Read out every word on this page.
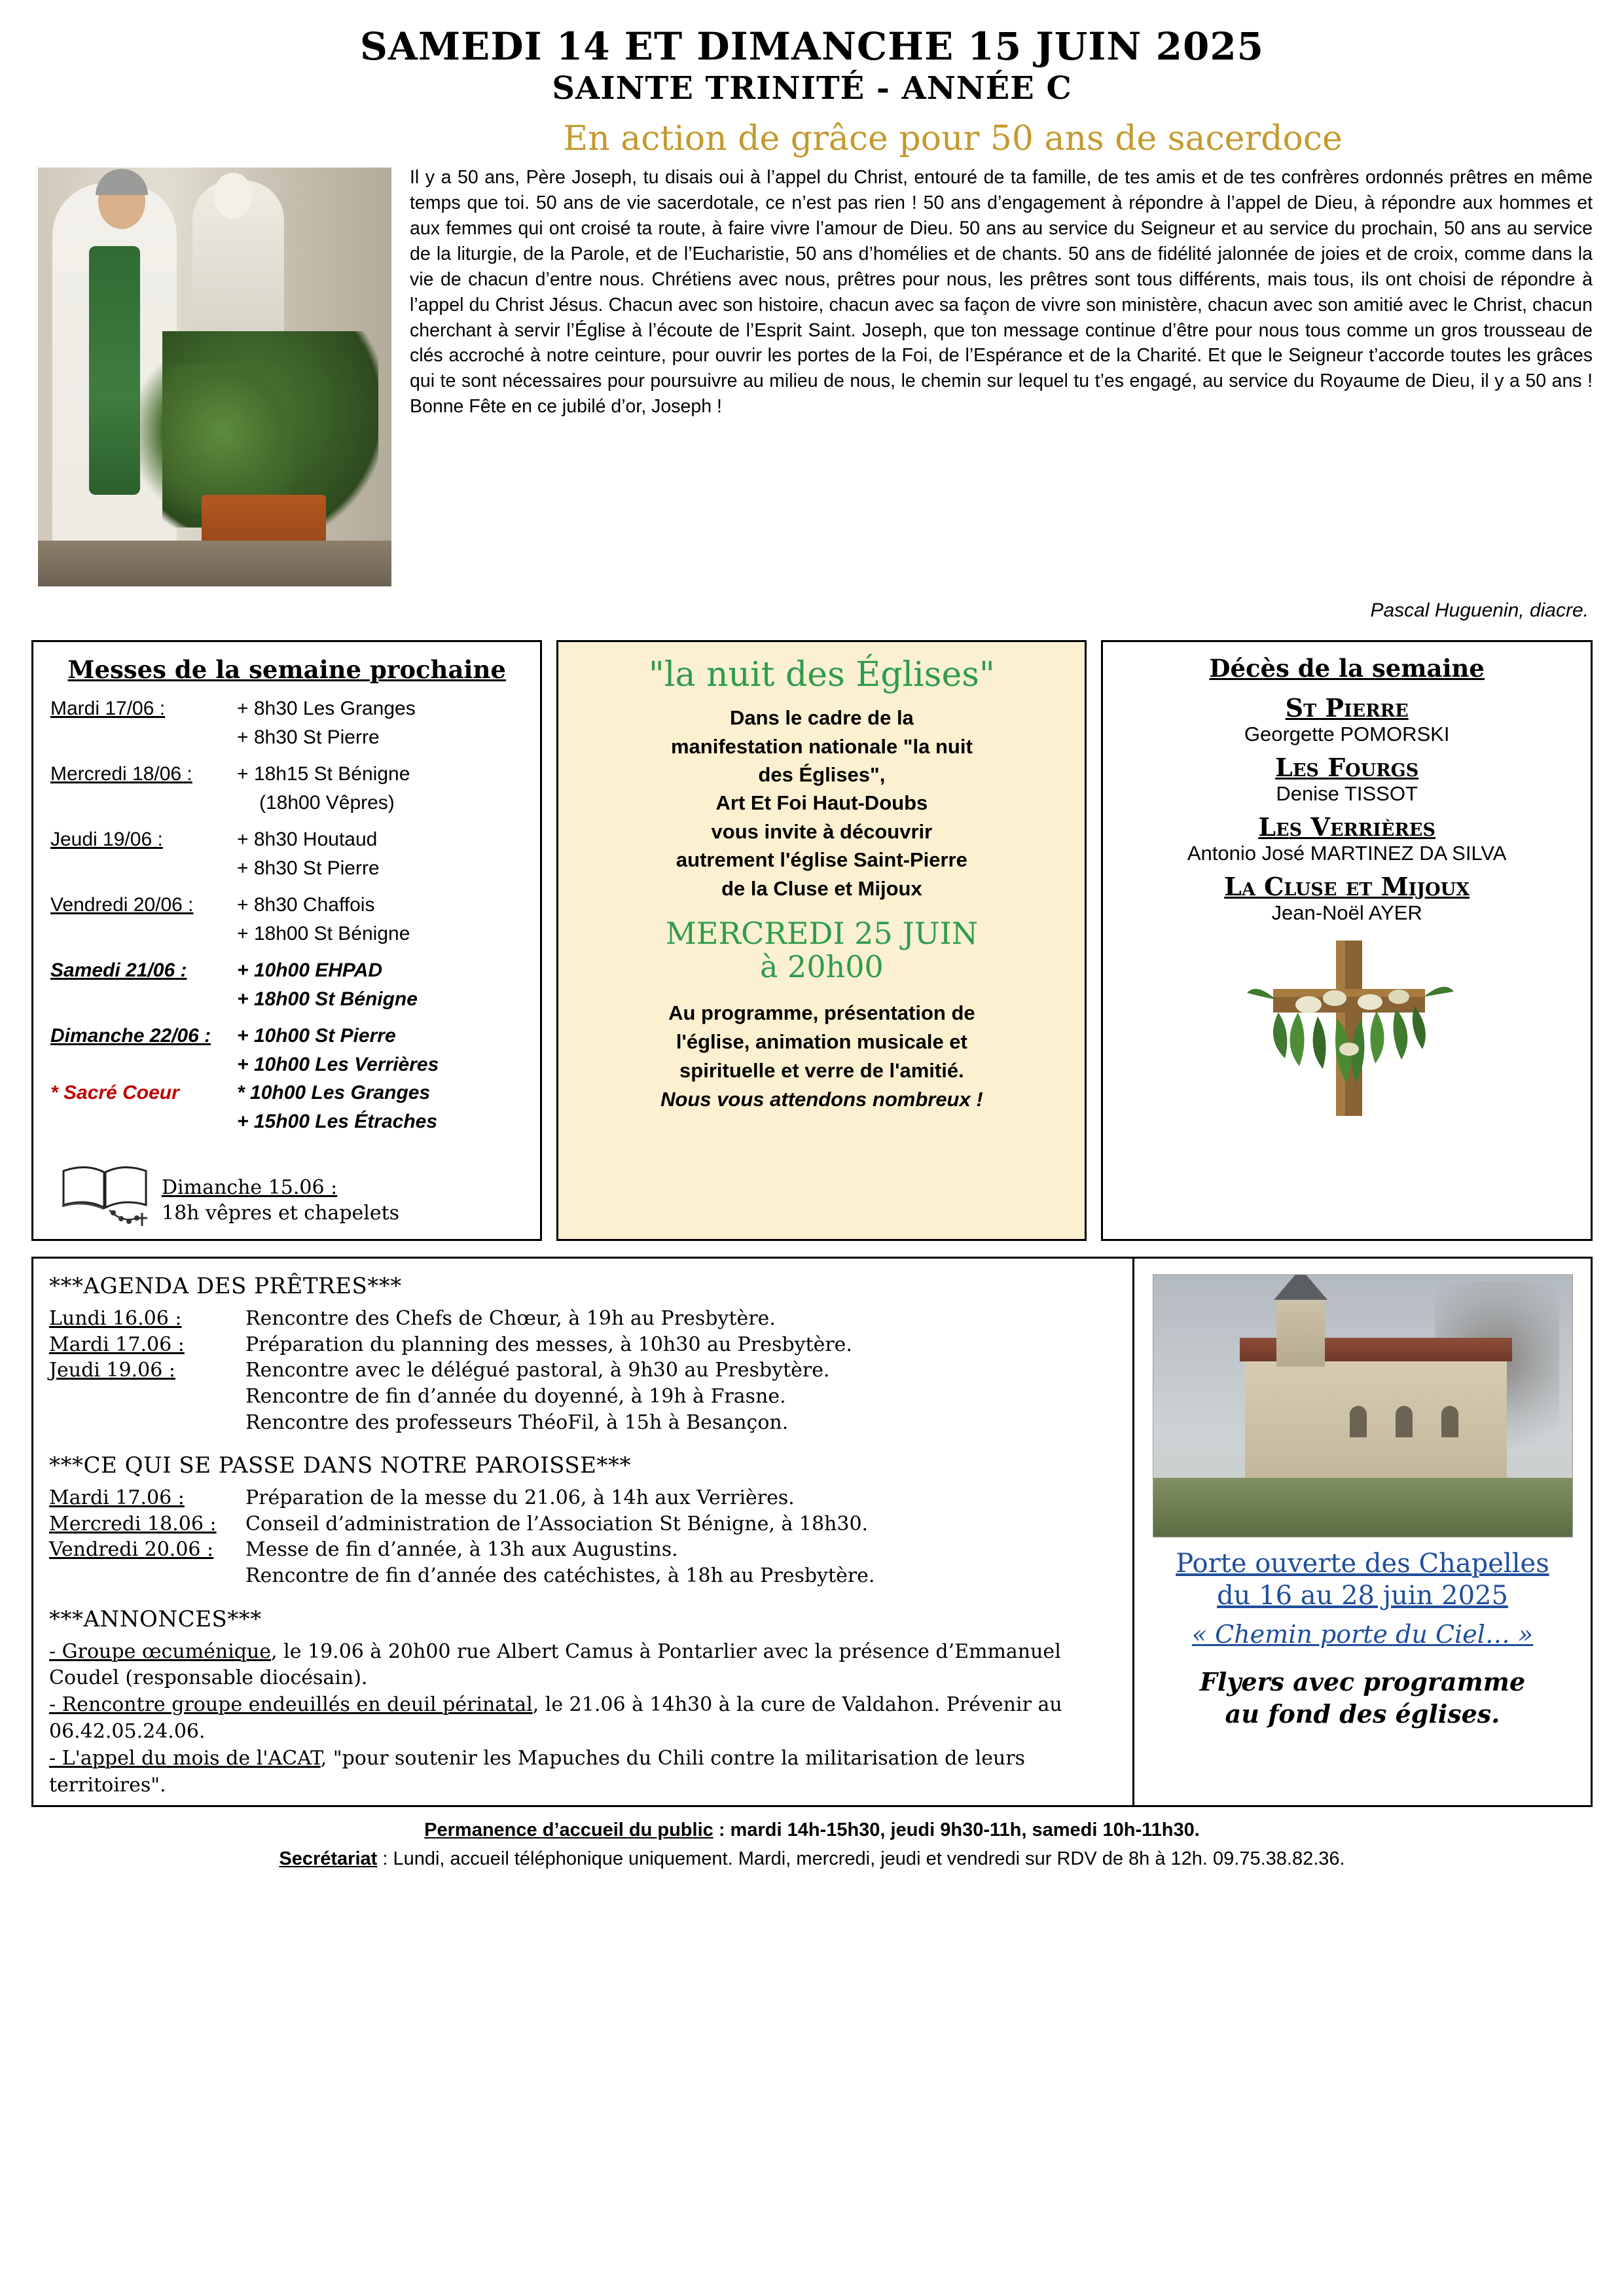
SAMEDI 14 ET DIMANCHE 15 JUIN 2025
SAINTE TRINITÉ - ANNÉE C
En action de grâce pour 50 ans de sacerdoce
Il y a 50 ans, Père Joseph, tu disais oui à l’appel du Christ, entouré de ta famille, de tes amis et de tes confrères ordonnés prêtres en même temps que toi. 50 ans de vie sacerdotale, ce n’est pas rien ! 50 ans d’engagement à répondre à l’appel de Dieu, à répondre aux hommes et aux femmes qui ont croisé ta route, à faire vivre l’amour de Dieu. 50 ans au service du Seigneur et au service du prochain, 50 ans au service de la liturgie, de la Parole, et de l’Eucharistie, 50 ans d’homélies et de chants. 50 ans de fidélité jalonnée de joies et de croix, comme dans la vie de chacun d’entre nous. Chrétiens avec nous, prêtres pour nous, les prêtres sont tous différents, mais tous, ils ont choisi de répondre à l’appel du Christ Jésus. Chacun avec son histoire, chacun avec sa façon de vivre son ministère, chacun avec son amitié avec le Christ, chacun cherchant à servir l’Église à l’écoute de l’Esprit Saint. Joseph, que ton message continue d’être pour nous tous comme un gros trousseau de clés accroché à notre ceinture, pour ouvrir les portes de la Foi, de l’Espérance et de la Charité. Et que le Seigneur t’accorde toutes les grâces qui te sont nécessaires pour poursuivre au milieu de nous, le chemin sur lequel tu t’es engagé, au service du Royaume de Dieu, il y a 50 ans ! Bonne Fête en ce jubilé d’or, Joseph !
Pascal Huguenin, diacre.
Messes de la semaine prochaine
Mardi 17/06 :	+ 8h30 Les Granges
+ 8h30 St Pierre
Mercredi 18/06 :	+ 18h15 St Bénigne
(18h00 Vêpres)
Jeudi 19/06 :	+ 8h30 Houtaud
+ 8h30 St Pierre
Vendredi 20/06 :	+ 8h30 Chaffois
+ 18h00 St Bénigne
Samedi 21/06 :	+ 10h00 EHPAD
+ 18h00 St Bénigne
Dimanche 22/06 :	+ 10h00 St Pierre
+ 10h00 Les Verrières
* Sacré Coeur	* 10h00 Les Granges
+ 15h00 Les Étraches
Dimanche 15.06 :
18h vêpres et chapelets
"la nuit des Églises"
Dans le cadre de la
manifestation nationale "la nuit
des Églises",
Art Et Foi Haut-Doubs
vous invite à découvrir
autrement l'église Saint-Pierre
de la Cluse et Mijoux
MERCREDI 25 JUIN
à 20h00
Au programme, présentation de
l'église, animation musicale et
spirituelle et verre de l'amitié.
Nous vous attendons nombreux !
Décès de la semaine
St Pierre
Georgette POMORSKI
Les Fourgs
Denise TISSOT
Les Verrières
Antonio José MARTINEZ DA SILVA
La Cluse et Mijoux
Jean-Noël AYER
***AGENDA DES PRÊTRES***
Lundi 16.06 :	Rencontre des Chefs de Chœur, à 19h au Presbytère.
Mardi 17.06 :	Préparation du planning des messes, à 10h30 au Presbytère.
Jeudi 19.06 :	Rencontre avec le délégué pastoral, à 9h30 au Presbytère.
Rencontre de fin d’année du doyenné, à 19h à Frasne.
Rencontre des professeurs ThéoFil, à 15h à Besançon.
***CE QUI SE PASSE DANS NOTRE PAROISSE***
Mardi 17.06 :	Préparation de la messe du 21.06, à 14h aux Verrières.
Mercredi 18.06 :	Conseil d’administration de l’Association St Bénigne, à 18h30.
Vendredi 20.06 :	Messe de fin d’année, à 13h aux Augustins.
Rencontre de fin d’année des catéchistes, à 18h au Presbytère.
***ANNONCES***
- Groupe œcuménique, le 19.06 à 20h00 rue Albert Camus à Pontarlier avec la présence d’Emmanuel Coudel (responsable diocésain).
- Rencontre groupe endeuillés en deuil périnatal, le 21.06 à 14h30 à la cure de Valdahon. Prévenir au 06.42.05.24.06.
- L'appel du mois de l'ACAT, "pour soutenir les Mapuches du Chili contre la militarisation de leurs territoires".
Porte ouverte des Chapelles
du 16 au 28 juin 2025
« Chemin porte du Ciel… »
Flyers avec programme
au fond des églises.
Permanence d’accueil du public : mardi 14h-15h30, jeudi 9h30-11h, samedi 10h-11h30.
Secrétariat : Lundi, accueil téléphonique uniquement. Mardi, mercredi, jeudi et vendredi sur RDV de 8h à 12h. 09.75.38.82.36.
